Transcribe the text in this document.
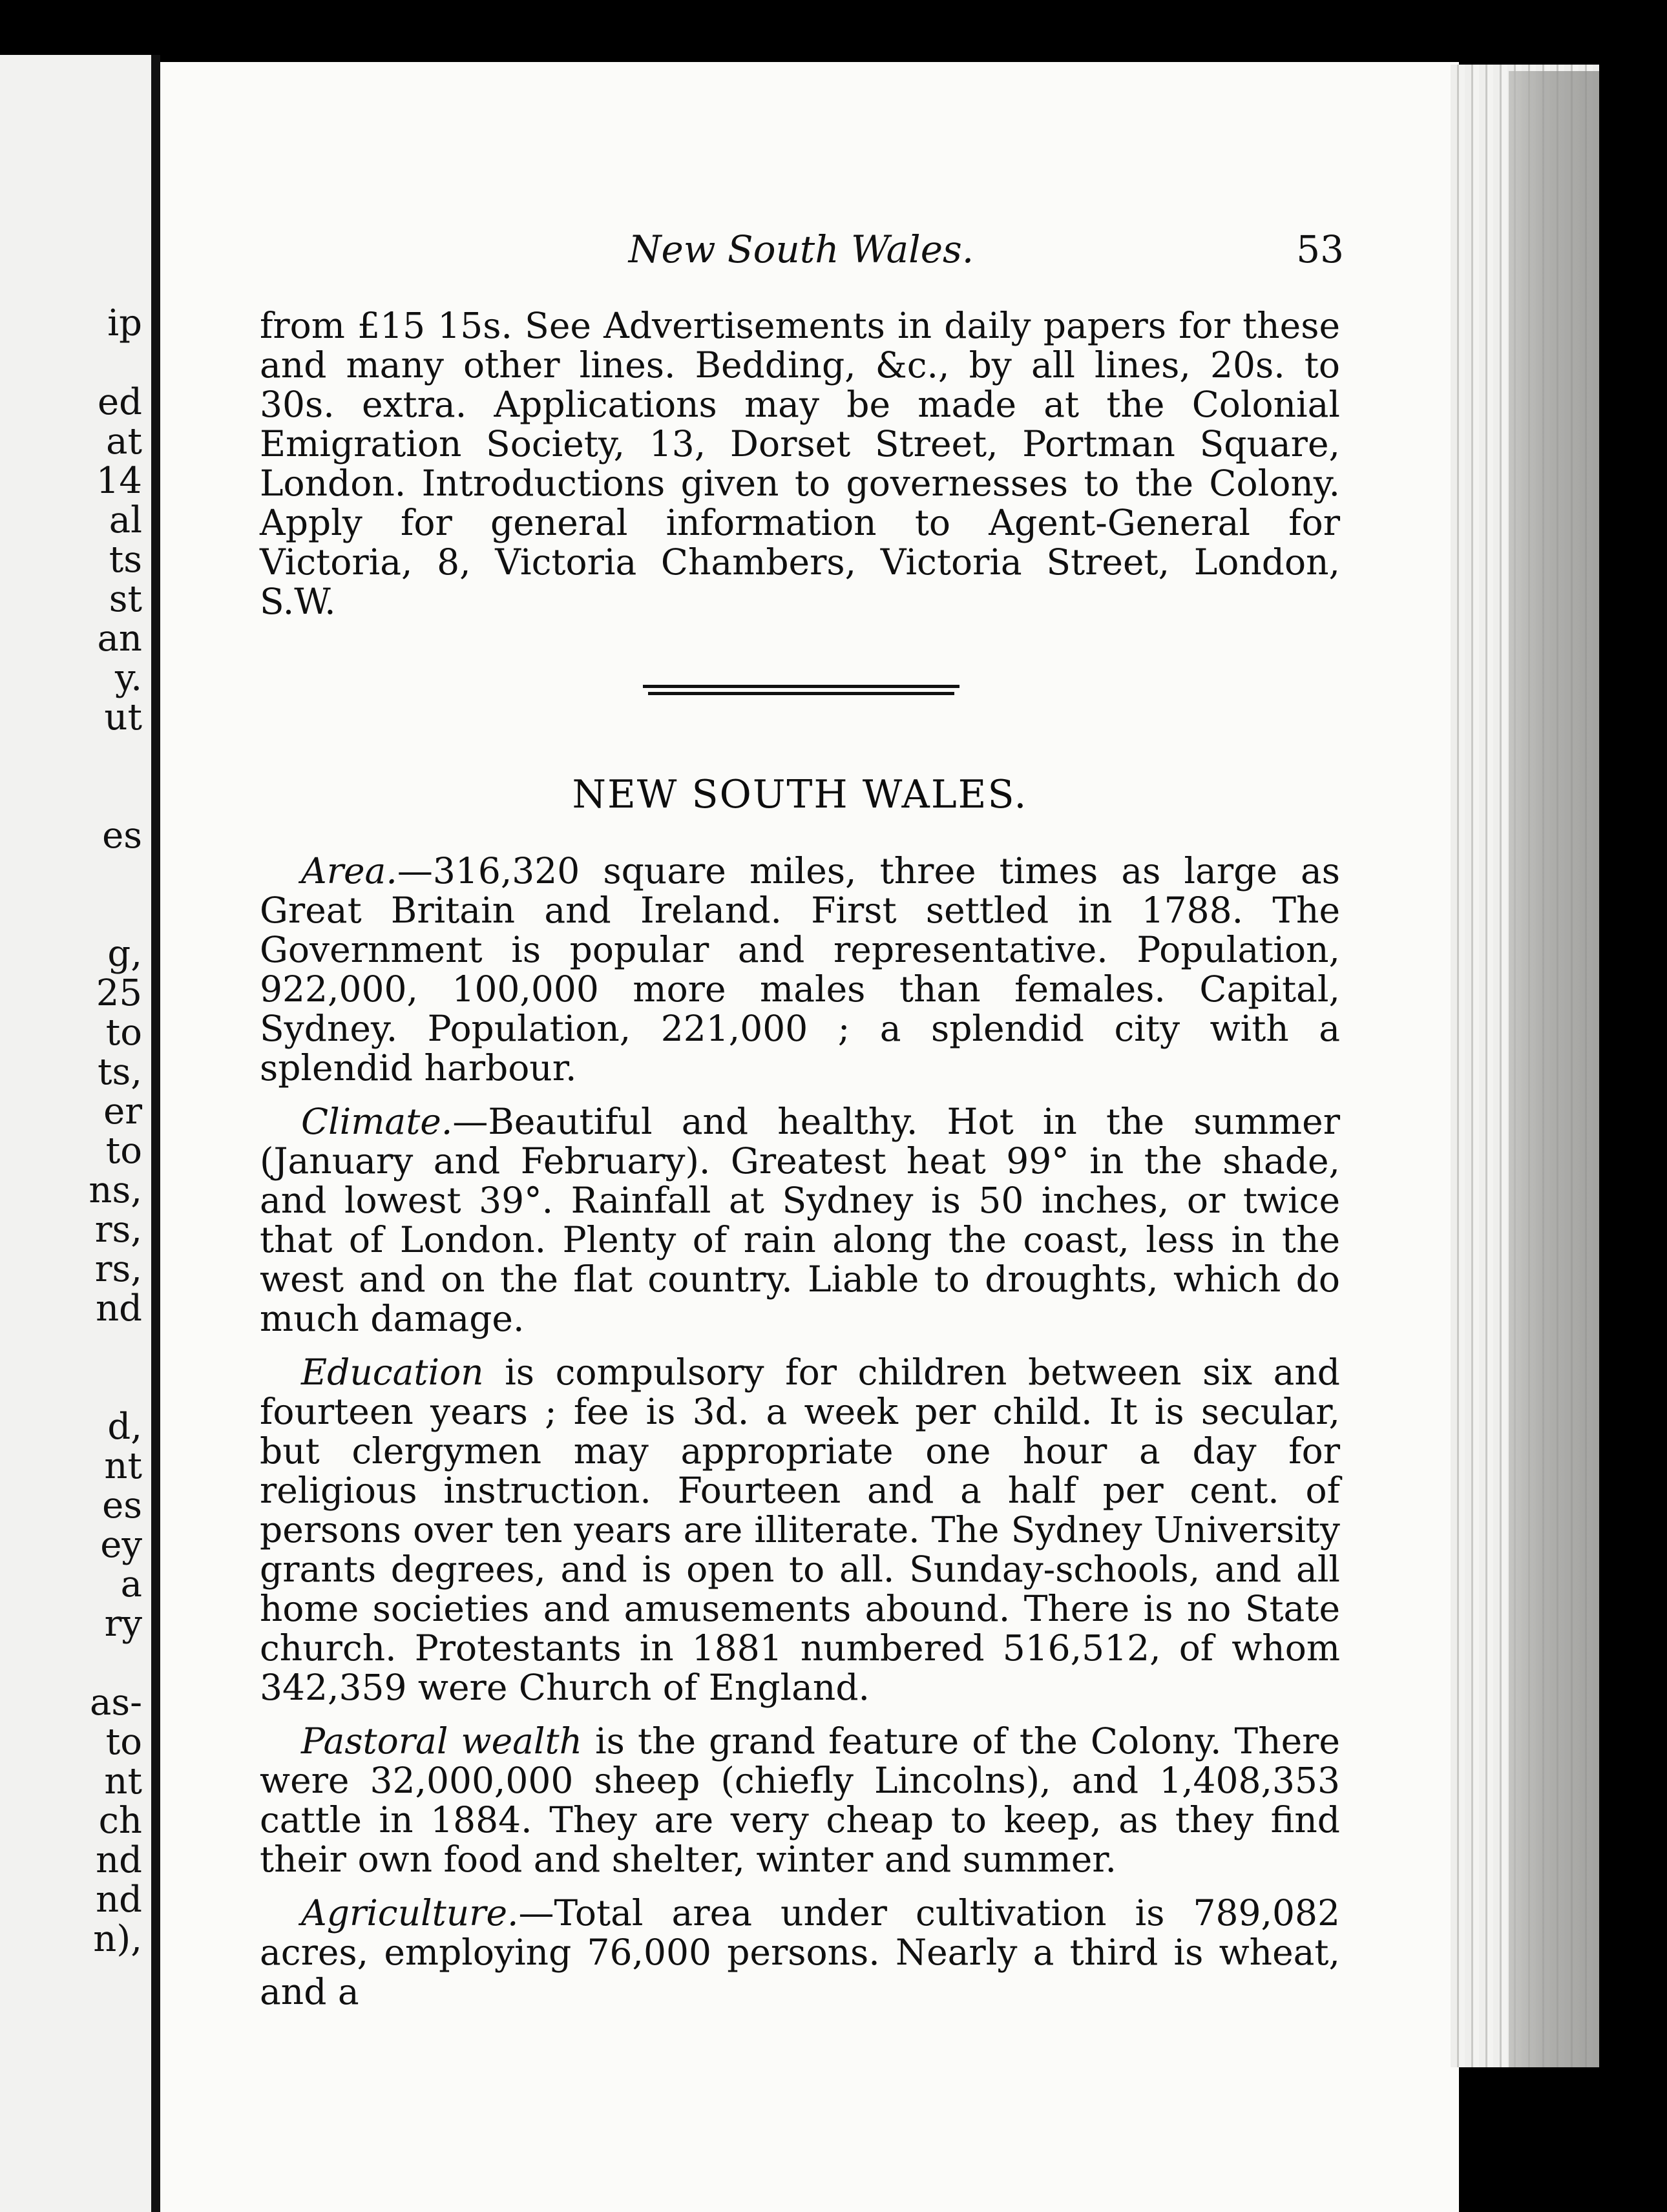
ip
ed
at
14
al
ts
st
an
y.
ut
es
g,
25
to
ts,
er
to
ns,
rs,
rs,
nd
d,
nt
es
ey
a
ry
as-
to
nt
ch
nd
nd
n),
New South Wales.	53

from £15 15s. See Advertisements in daily papers for these and many other lines. Bedding, &c., by all lines, 20s. to 30s. extra. Applications may be made at the Colonial Emigration Society, 13, Dorset Street, Portman Square, London. Introductions given to governesses to the Colony. Apply for general information to Agent-General for Victoria, 8, Victoria Chambers, Victoria Street, London, S.W.

NEW SOUTH WALES.

Area.—316,320 square miles, three times as large as Great Britain and Ireland. First settled in 1788. The Government is popular and representative. Population, 922,000, 100,000 more males than females. Capital, Sydney. Population, 221,000 ; a splendid city with a splendid harbour.

Climate.—Beautiful and healthy. Hot in the summer (January and February). Greatest heat 99° in the shade, and lowest 39°. Rainfall at Sydney is 50 inches, or twice that of London. Plenty of rain along the coast, less in the west and on the flat country. Liable to droughts, which do much damage.

Education is compulsory for children between six and fourteen years ; fee is 3d. a week per child. It is secular, but clergymen may appropriate one hour a day for religious instruction. Fourteen and a half per cent. of persons over ten years are illiterate. The Sydney University grants degrees, and is open to all. Sunday-schools, and all home societies and amusements abound. There is no State church. Protestants in 1881 numbered 516,512, of whom 342,359 were Church of England.

Pastoral wealth is the grand feature of the Colony. There were 32,000,000 sheep (chiefly Lincolns), and 1,408,353 cattle in 1884. They are very cheap to keep, as they find their own food and shelter, winter and summer.

Agriculture.—Total area under cultivation is 789,082 acres, employing 76,000 persons. Nearly a third is wheat, and a
